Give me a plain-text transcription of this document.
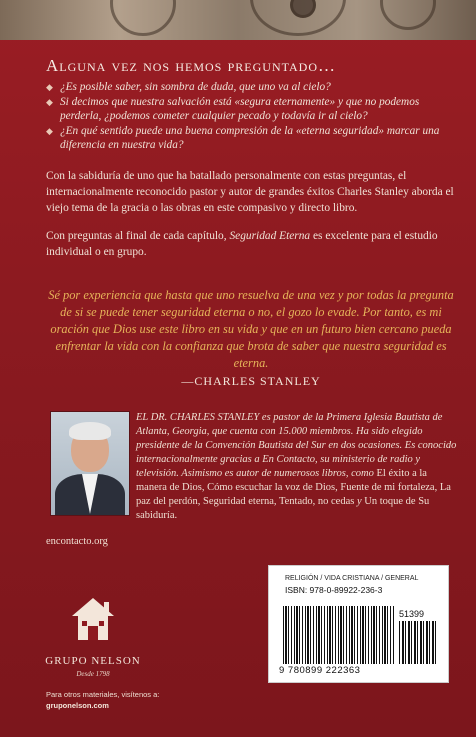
Alguna vez nos hemos preguntado…
◆ ¿Es posible saber, sin sombra de duda, que uno va al cielo?
◆ Si decimos que nuestra salvación está «segura eternamente» y que no podemos perderla, ¿podemos cometer cualquier pecado y todavía ir al cielo?
◆ ¿En qué sentido puede una buena compresión de la «eterna seguridad» marcar una diferencia en nuestra vida?

Con la sabiduría de uno que ha batallado personalmente con estas preguntas, el internacionalmente reconocido pastor y autor de grandes éxitos Charles Stanley aborda el viejo tema de la gracia o las obras en este compasivo y directo libro.

Con preguntas al final de cada capítulo, Seguridad Eterna es excelente para el estudio individual o en grupo.

Sé por experiencia que hasta que uno resuelva de una vez y por todas la pregunta de si se puede tener seguridad eterna o no, el gozo lo evade. Por tanto, es mi oración que Dios use este libro en su vida y que en un futuro bien cercano pueda enfrentar la vida con la confianza que brota de saber que nuestra seguridad es eterna.

—CHARLES STANLEY

EL DR. CHARLES STANLEY es pastor de la Primera Iglesia Bautista de Atlanta, Georgia, que cuenta con 15.000 miembros. Ha sido elegido presidente de la Convención Bautista del Sur en dos ocasiones. Es conocido internacionalmente gracias a En Contacto, su ministerio de radio y televisión. Asimismo es autor de numerosos libros, como El éxito a la manera de Dios, Cómo escuchar la voz de Dios, Fuente de mi fortaleza, La paz del perdón, Seguridad eterna, Tentado, no cedas y Un toque de Su sabiduría.

encontacto.org
RELIGIÓN / VIDA CRISTIANA / GENERAL
ISBN: 978-0-89922-236-3
51399
9 780899 222363
GRUPO NELSON
Desde 1798
Para otros materiales, visítenos a:
gruponelson.com
